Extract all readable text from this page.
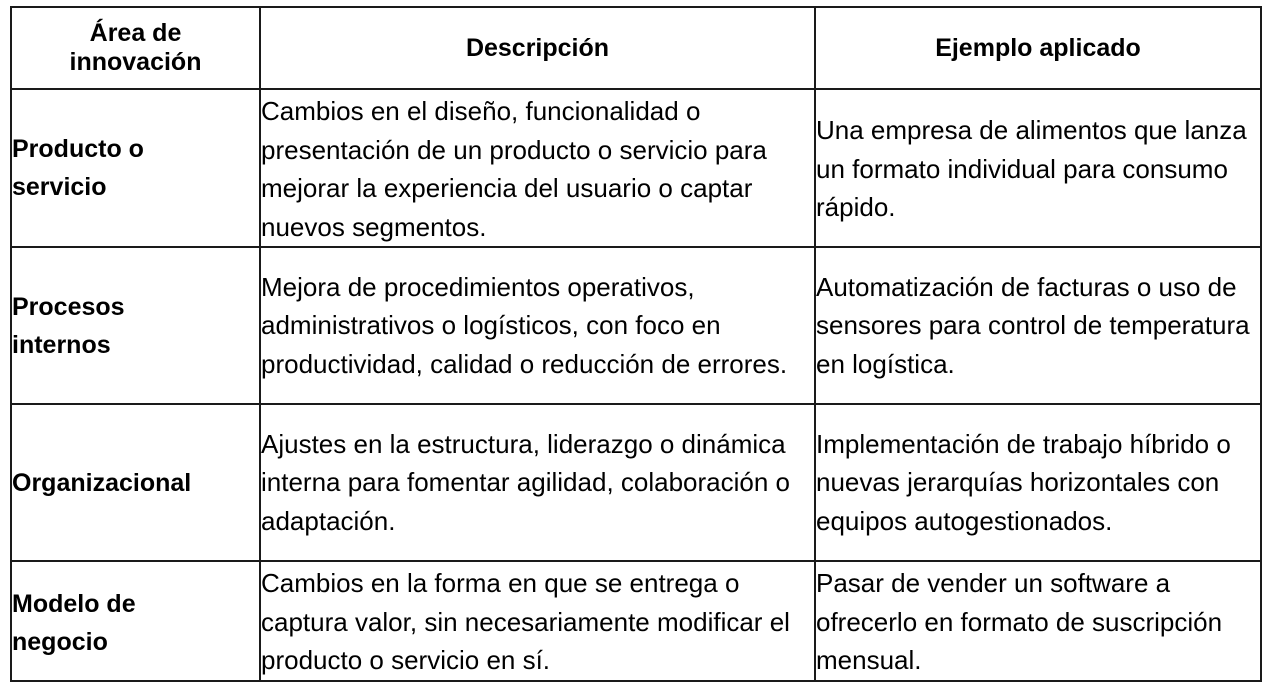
Área de innovación	Descripción	Ejemplo aplicado
Producto o servicio	Cambios en el diseño, funcionalidad o presentación de un producto o servicio para mejorar la experiencia del usuario o captar nuevos segmentos.	Una empresa de alimentos que lanza un formato individual para consumo rápido.
Procesos internos	Mejora de procedimientos operativos, administrativos o logísticos, con foco en productividad, calidad o reducción de errores.	Automatización de facturas o uso de sensores para control de temperatura en logística.
Organizacional	Ajustes en la estructura, liderazgo o dinámica interna para fomentar agilidad, colaboración o adaptación.	Implementación de trabajo híbrido o nuevas jerarquías horizontales con equipos autogestionados.
Modelo de negocio	Cambios en la forma en que se entrega o captura valor, sin necesariamente modificar el producto o servicio en sí.	Pasar de vender un software a ofrecerlo en formato de suscripción mensual.
